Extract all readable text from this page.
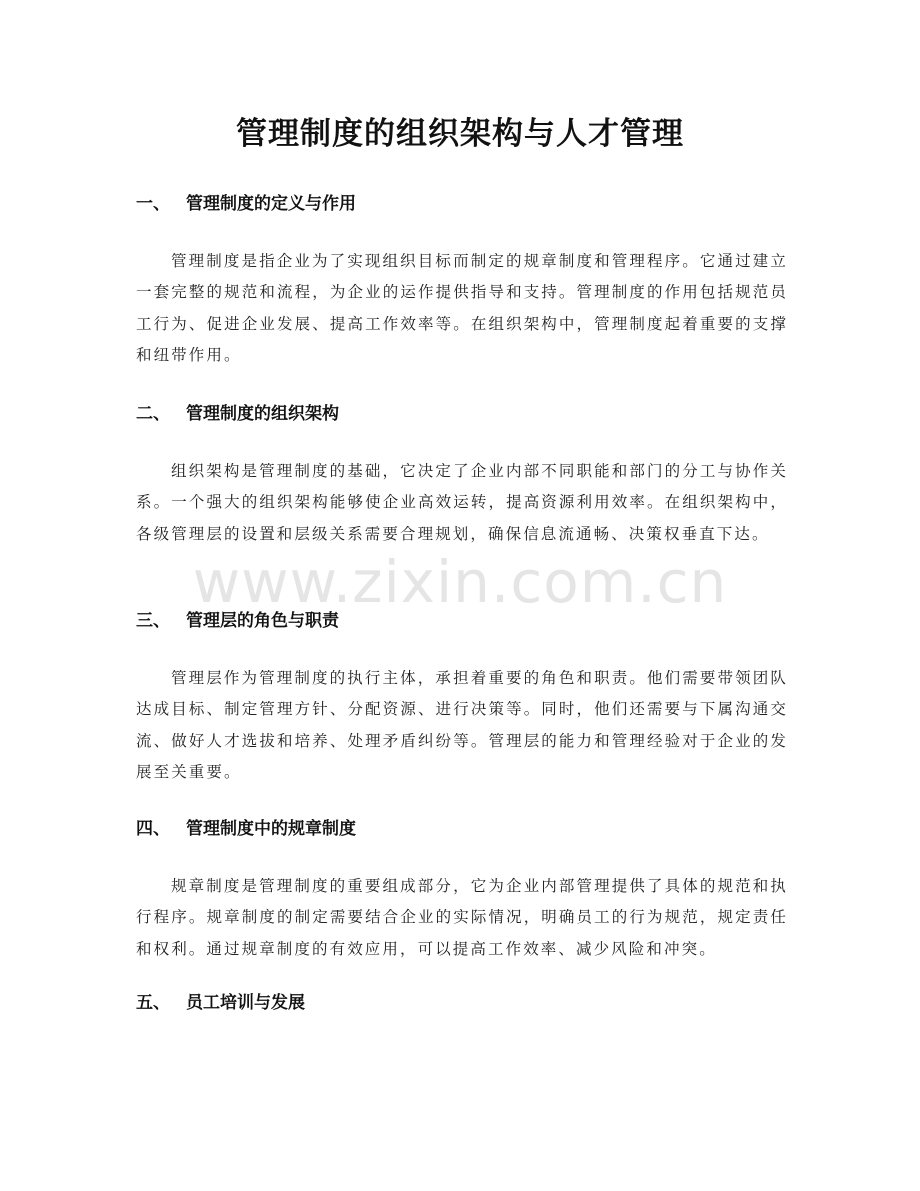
管理制度的组织架构与人才管理
www.zixin.com.cn
一、 管理制度的定义与作用

管理制度是指企业为了实现组织目标而制定的规章制度和管理程序。它通过建立一套完整的规范和流程，为企业的运作提供指导和支持。管理制度的作用包括规范员工行为、促进企业发展、提高工作效率等。在组织架构中，管理制度起着重要的支撑和纽带作用。

二、 管理制度的组织架构

组织架构是管理制度的基础，它决定了企业内部不同职能和部门的分工与协作关系。一个强大的组织架构能够使企业高效运转，提高资源利用效率。在组织架构中，各级管理层的设置和层级关系需要合理规划，确保信息流通畅、决策权垂直下达。

三、 管理层的角色与职责

管理层作为管理制度的执行主体，承担着重要的角色和职责。他们需要带领团队达成目标、制定管理方针、分配资源、进行决策等。同时，他们还需要与下属沟通交流、做好人才选拔和培养、处理矛盾纠纷等。管理层的能力和管理经验对于企业的发展至关重要。

四、 管理制度中的规章制度

规章制度是管理制度的重要组成部分，它为企业内部管理提供了具体的规范和执行程序。规章制度的制定需要结合企业的实际情况，明确员工的行为规范，规定责任和权利。通过规章制度的有效应用，可以提高工作效率、减少风险和冲突。

五、 员工培训与发展
